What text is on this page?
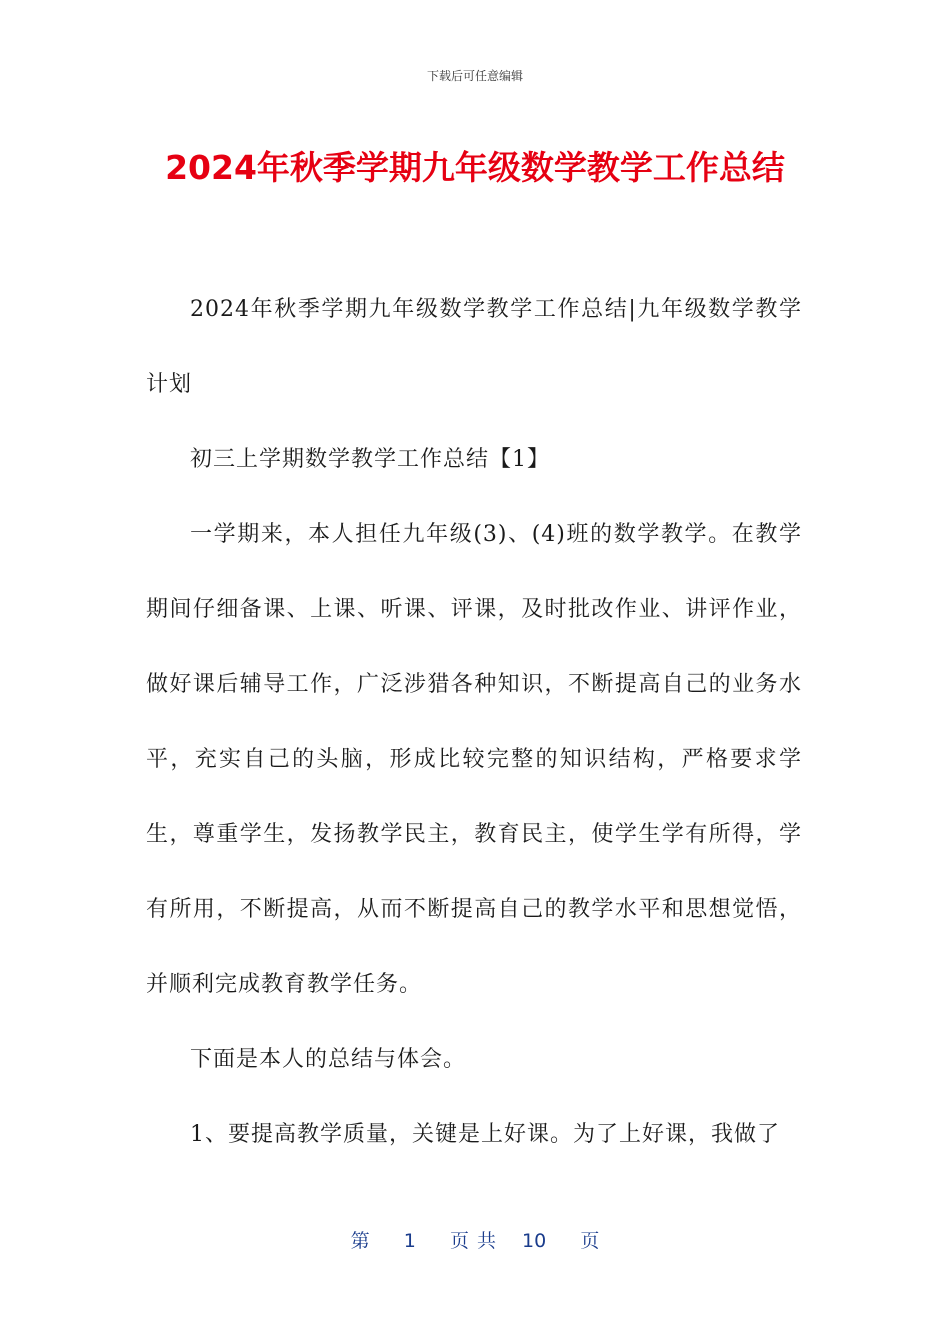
下载后可任意编辑
2024年秋季学期九年级数学教学工作总结

2024年秋季学期九年级数学教学工作总结|九年级数学教学计划

初三上学期数学教学工作总结【1】

一学期来，本人担任九年级(3)、(4)班的数学教学。在教学期间仔细备课、上课、听课、评课，及时批改作业、讲评作业，做好课后辅导工作，广泛涉猎各种知识，不断提高自己的业务水平，充实自己的头脑，形成比较完整的知识结构，严格要求学生，尊重学生，发扬教学民主，教育民主，使学生学有所得，学有所用，不断提高，从而不断提高自己的教学水平和思想觉悟，并顺利完成教育教学任务。

下面是本人的总结与体会。

1、要提高教学质量，关键是上好课。为了上好课，我做了

第 1 页共 10 页
